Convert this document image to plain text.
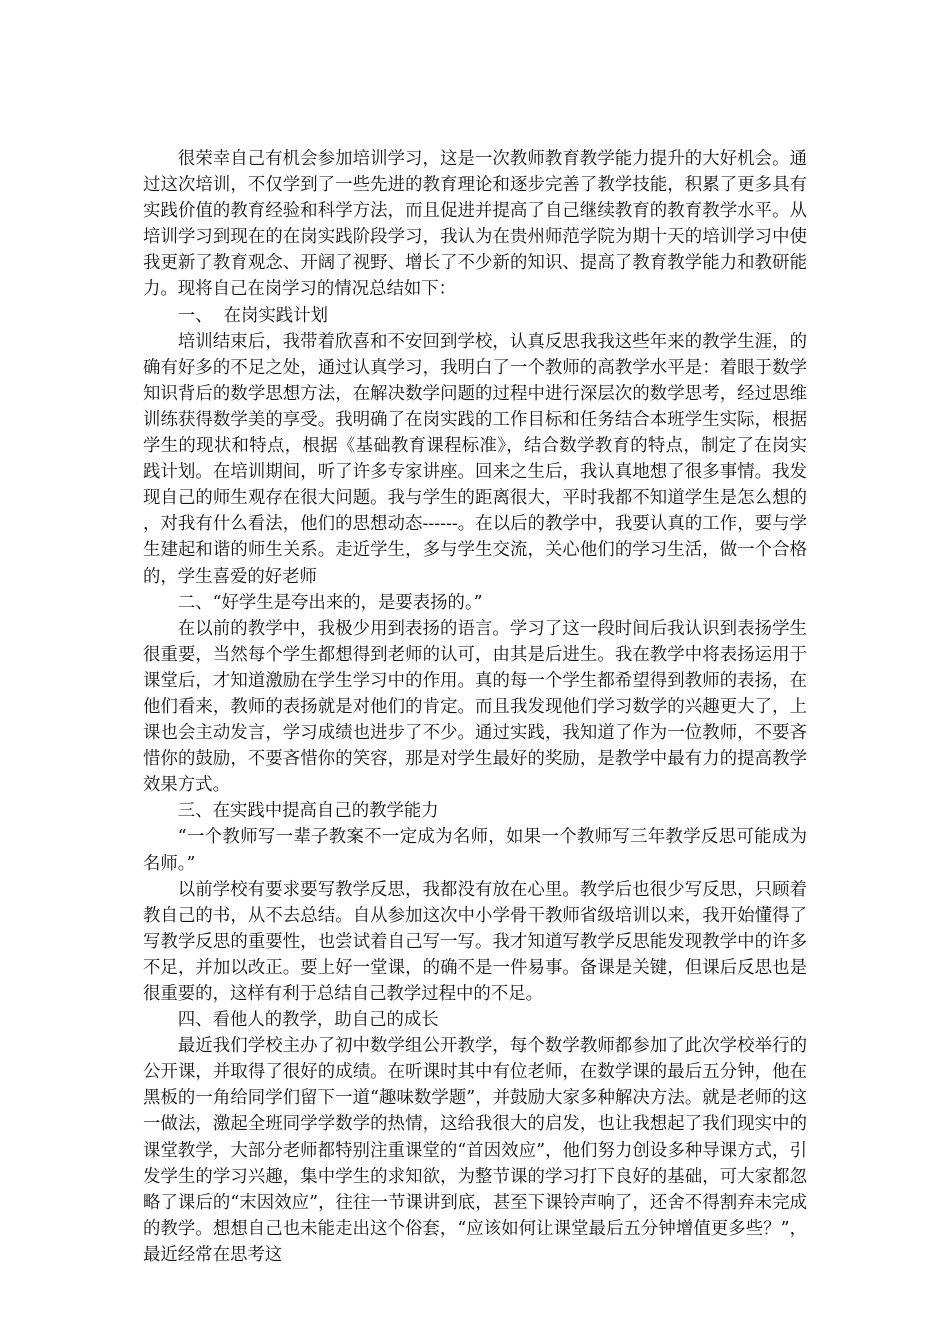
很荣幸自己有机会参加培训学习，这是一次教师教育教学能力提升的大好机会。通过这次培训，不仅学到了一些先进的教育理论和逐步完善了教学技能，积累了更多具有实践价值的教育经验和科学方法，而且促进并提高了自己继续教育的教育教学水平。从培训学习到现在的在岗实践阶段学习，我认为在贵州师范学院为期十天的培训学习中使我更新了教育观念、开阔了视野、增长了不少新的知识、提高了教育教学能力和教研能力。现将自己在岗学习的情况总结如下：

一、  在岗实践计划

培训结束后，我带着欣喜和不安回到学校，认真反思我我这些年来的教学生涯，的确有好多的不足之处，通过认真学习，我明白了一个教师的高教学水平是：着眼于数学知识背后的数学思想方法，在解决数学问题的过程中进行深层次的数学思考，经过思维训练获得数学美的享受。我明确了在岗实践的工作目标和任务结合本班学生实际，根据学生的现状和特点，根据《基础教育课程标准》，结合数学教育的特点，制定了在岗实践计划。在培训期间，听了许多专家讲座。回来之生后，我认真地想了很多事情。我发现自己的师生观存在很大问题。我与学生的距离很大，平时我都不知道学生是怎么想的，对我有什么看法，他们的思想动态------。在以后的教学中，我要认真的工作，要与学生建起和谐的师生关系。走近学生，多与学生交流，关心他们的学习生活，做一个合格的，学生喜爱的好老师

二、“好学生是夸出来的，是要表扬的。”

在以前的教学中，我极少用到表扬的语言。学习了这一段时间后我认识到表扬学生很重要，当然每个学生都想得到老师的认可，由其是后进生。我在教学中将表扬运用于课堂后，才知道激励在学生学习中的作用。真的每一个学生都希望得到教师的表扬，在他们看来，教师的表扬就是对他们的肯定。而且我发现他们学习数学的兴趣更大了，上课也会主动发言，学习成绩也进步了不少。通过实践，我知道了作为一位教师，不要吝惜你的鼓励，不要吝惜你的笑容，那是对学生最好的奖励，是教学中最有力的提高教学效果方式。

三、在实践中提高自己的教学能力

“一个教师写一辈子教案不一定成为名师，如果一个教师写三年教学反思可能成为名师。”

以前学校有要求要写教学反思，我都没有放在心里。教学后也很少写反思，只顾着教自己的书，从不去总结。自从参加这次中小学骨干教师省级培训以来，我开始懂得了写教学反思的重要性，也尝试着自己写一写。我才知道写教学反思能发现教学中的许多不足，并加以改正。要上好一堂课，的确不是一件易事。备课是关键，但课后反思也是很重要的，这样有利于总结自己教学过程中的不足。

四、看他人的教学，助自己的成长

最近我们学校主办了初中数学组公开教学，每个数学教师都参加了此次学校举行的公开课，并取得了很好的成绩。在听课时其中有位老师，在数学课的最后五分钟，他在黑板的一角给同学们留下一道“趣味数学题”，并鼓励大家多种解决方法。就是老师的这一做法，激起全班同学学数学的热情，这给我很大的启发，也让我想起了我们现实中的课堂教学，大部分老师都特别注重课堂的“首因效应”，他们努力创设多种导课方式，引发学生的学习兴趣，集中学生的求知欲，为整节课的学习打下良好的基础，可大家都忽略了课后的“末因效应”，往往一节课讲到底，甚至下课铃声响了，还舍不得割弃未完成的教学。想想自己也未能走出这个俗套，“应该如何让课堂最后五分钟增值更多些？”，最近经常在思考这
